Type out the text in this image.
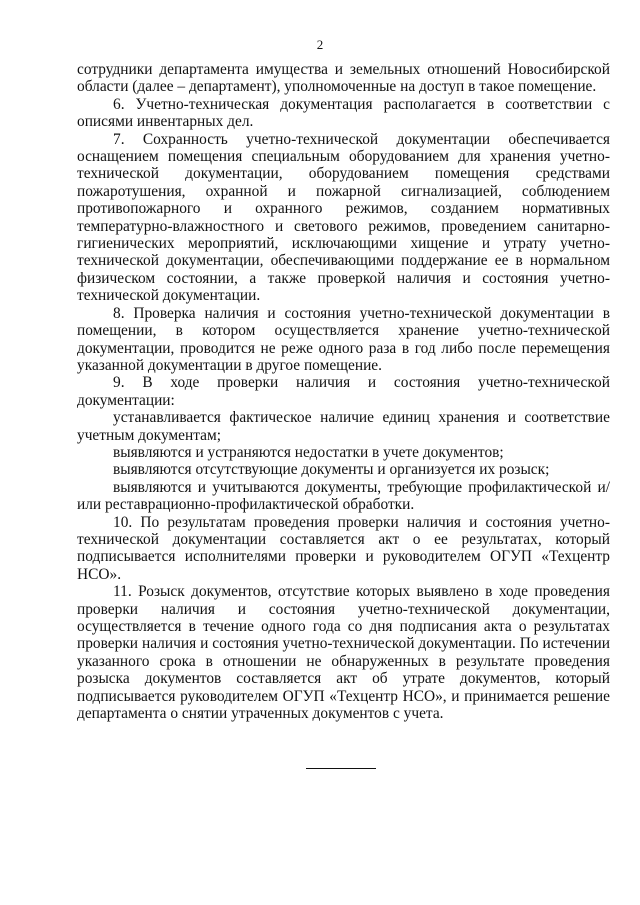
2

сотрудники департамента имущества и земельных отношений Новосибирской области (далее – департамент), уполномоченные на доступ в такое помещение.

6. Учетно-техническая документация располагается в соответствии с описями инвентарных дел.

7. Сохранность учетно-технической документации обеспечивается оснащением помещения специальным оборудованием для хранения учетно-технической документации, оборудованием помещения средствами пожаротушения, охранной и пожарной сигнализацией, соблюдением противопожарного и охранного режимов, созданием нормативных температурно-влажностного и светового режимов, проведением санитарно-гигиенических мероприятий, исключающими хищение и утрату учетно-технической документации, обеспечивающими поддержание ее в нормальном физическом состоянии, а также проверкой наличия и состояния учетно-технической документации.

8. Проверка наличия и состояния учетно-технической документации в помещении, в котором осуществляется хранение учетно-технической документации, проводится не реже одного раза в год либо после перемещения указанной документации в другое помещение.

9. В ходе проверки наличия и состояния учетно-технической документации:

устанавливается фактическое наличие единиц хранения и соответствие учетным документам;

выявляются и устраняются недостатки в учете документов;

выявляются отсутствующие документы и организуется их розыск;

выявляются и учитываются документы, требующие профилактической и/или реставрационно-профилактической обработки.

10. По результатам проведения проверки наличия и состояния учетно-технической документации составляется акт о ее результатах, который подписывается исполнителями проверки и руководителем ОГУП «Техцентр НСО».

11. Розыск документов, отсутствие которых выявлено в ходе проведения проверки наличия и состояния учетно-технической документации, осуществляется в течение одного года со дня подписания акта о результатах проверки наличия и состояния учетно-технической документации. По истечении указанного срока в отношении не обнаруженных в результате проведения розыска документов составляется акт об утрате документов, который подписывается руководителем ОГУП «Техцентр НСО», и принимается решение департамента о снятии утраченных документов с учета.
